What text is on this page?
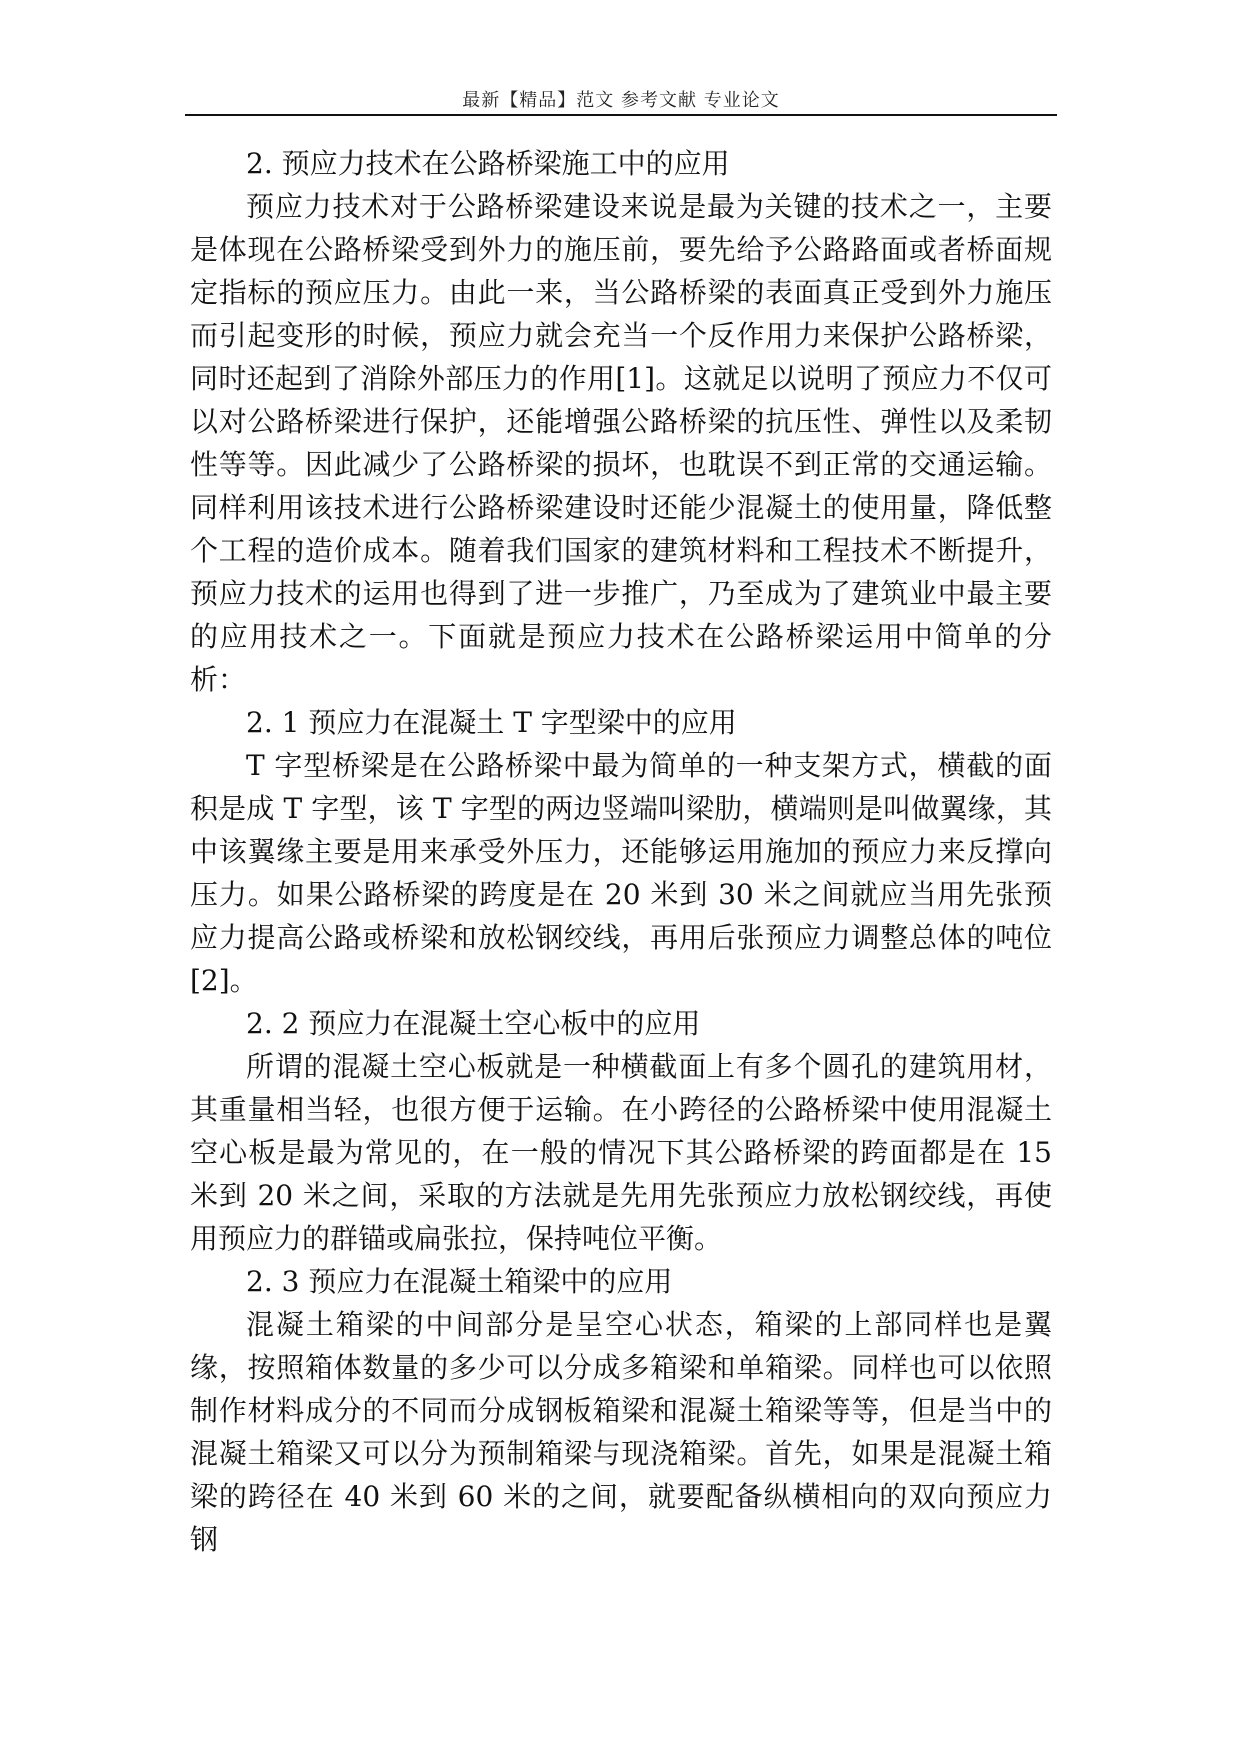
最新【精品】范文 参考文献 专业论文
2. 预应力技术在公路桥梁施工中的应用

预应力技术对于公路桥梁建设来说是最为关键的技术之一，主要是体现在公路桥梁受到外力的施压前，要先给予公路路面或者桥面规定指标的预应压力。由此一来，当公路桥梁的表面真正受到外力施压而引起变形的时候，预应力就会充当一个反作用力来保护公路桥梁，同时还起到了消除外部压力的作用[1]。这就足以说明了预应力不仅可以对公路桥梁进行保护，还能增强公路桥梁的抗压性、弹性以及柔韧性等等。因此减少了公路桥梁的损坏，也耽误不到正常的交通运输。同样利用该技术进行公路桥梁建设时还能少混凝土的使用量，降低整个工程的造价成本。随着我们国家的建筑材料和工程技术不断提升，预应力技术的运用也得到了进一步推广，乃至成为了建筑业中最主要的应用技术之一。下面就是预应力技术在公路桥梁运用中简单的分析：

2. 1 预应力在混凝土 T 字型梁中的应用

T 字型桥梁是在公路桥梁中最为简单的一种支架方式，横截的面积是成 T 字型，该 T 字型的两边竖端叫梁肋，横端则是叫做翼缘，其中该翼缘主要是用来承受外压力，还能够运用施加的预应力来反撑向压力。如果公路桥梁的跨度是在 20 米到 30 米之间就应当用先张预应力提高公路或桥梁和放松钢绞线，再用后张预应力调整总体的吨位[2]。

2. 2 预应力在混凝土空心板中的应用

所谓的混凝土空心板就是一种横截面上有多个圆孔的建筑用材，其重量相当轻，也很方便于运输。在小跨径的公路桥梁中使用混凝土空心板是最为常见的，在一般的情况下其公路桥梁的跨面都是在 15 米到 20 米之间，采取的方法就是先用先张预应力放松钢绞线，再使用预应力的群锚或扁张拉，保持吨位平衡。

2. 3 预应力在混凝土箱梁中的应用

混凝土箱梁的中间部分是呈空心状态，箱梁的上部同样也是翼缘，按照箱体数量的多少可以分成多箱梁和单箱梁。同样也可以依照制作材料成分的不同而分成钢板箱梁和混凝土箱梁等等，但是当中的混凝土箱梁又可以分为预制箱梁与现浇箱梁。首先，如果是混凝土箱梁的跨径在 40 米到 60 米的之间，就要配备纵横相向的双向预应力钢
